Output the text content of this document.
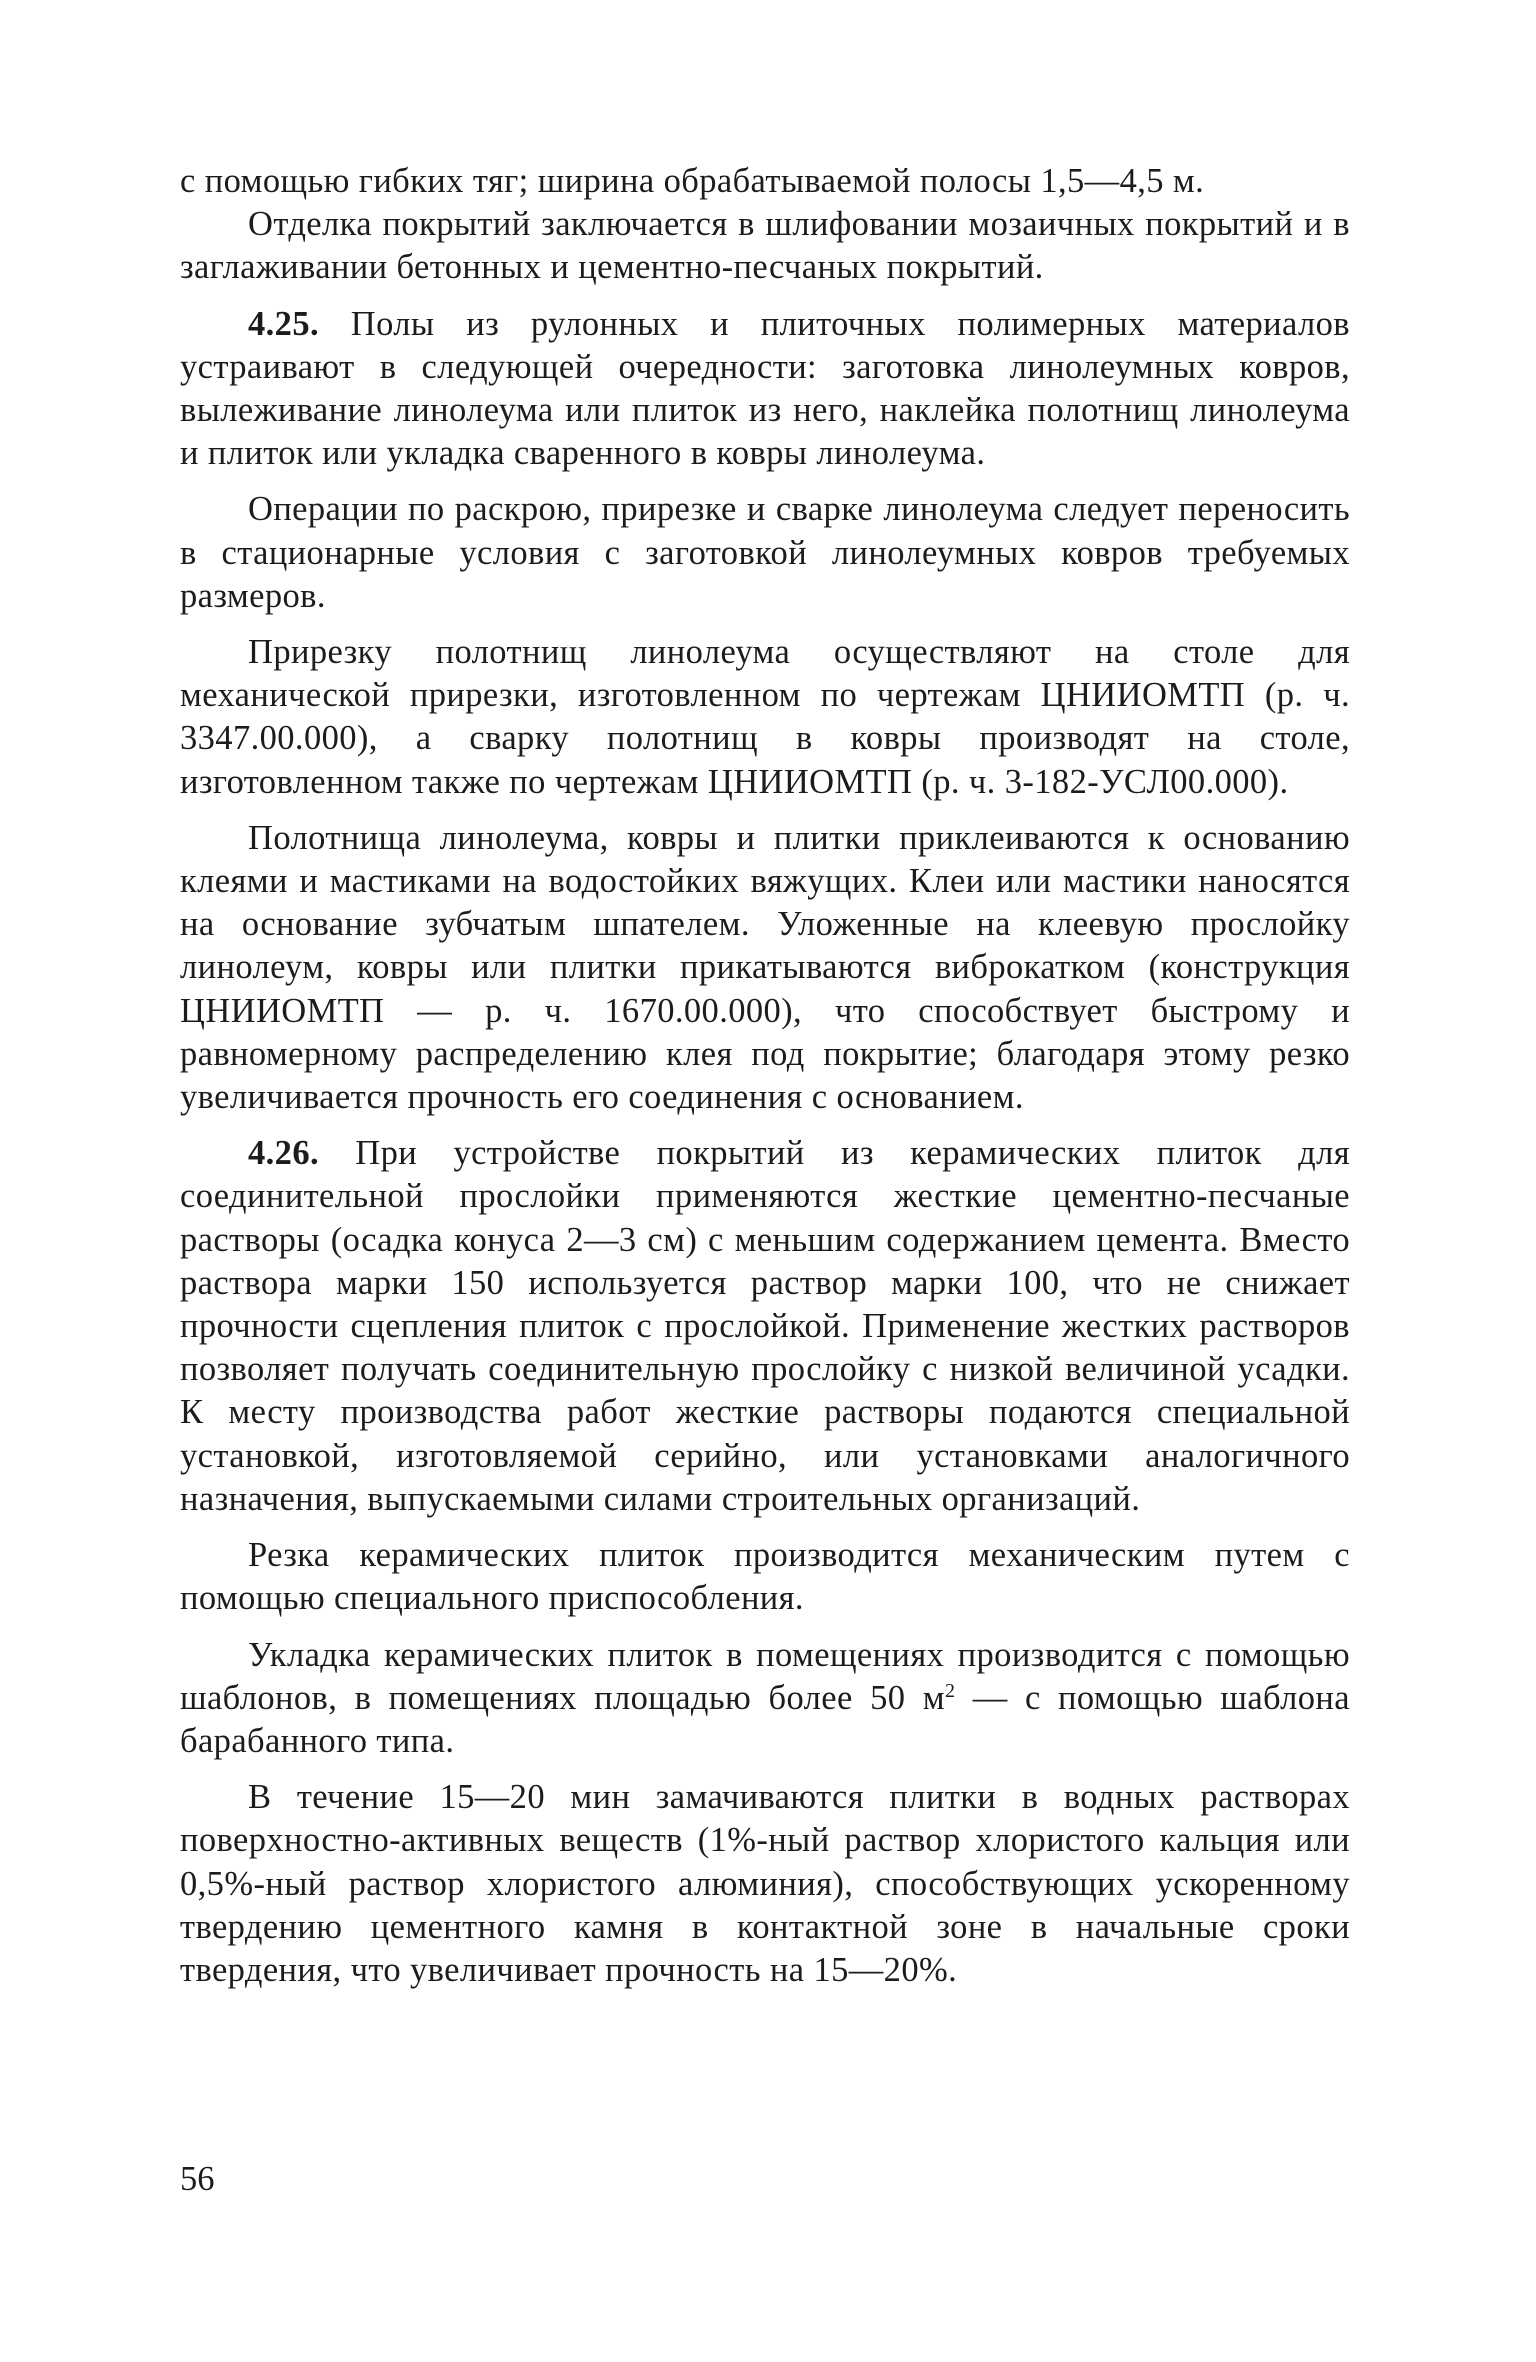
с помощью гибких тяг; ширина обрабатываемой полосы 1,5—4,5 м.

Отделка покрытий заключается в шлифовании мозаичных покрытий и в заглаживании бетонных и цементно-песчаных покрытий.

4.25. Полы из рулонных и плиточных полимерных материалов устраивают в следующей очередности: заготовка линолеумных ковров, вылеживание линолеума или плиток из него, наклейка полотнищ линолеума и плиток или укладка сваренного в ковры линолеума.

Операции по раскрою, прирезке и сварке линолеума следует переносить в стационарные условия с заготовкой линолеумных ковров требуемых размеров.

Прирезку полотнищ линолеума осуществляют на столе для механической прирезки, изготовленном по чертежам ЦНИИОМТП (р. ч. 3347.00.000), а сварку полотнищ в ковры производят на столе, изготовленном также по чертежам ЦНИИОМТП (р. ч. 3-182-УСЛ00.000).

Полотнища линолеума, ковры и плитки приклеиваются к основанию клеями и мастиками на водостойких вяжущих. Клеи или мастики наносятся на основание зубчатым шпателем. Уложенные на клеевую прослойку линолеум, ковры или плитки прикатываются виброкатком (конструкция ЦНИИОМТП — р. ч. 1670.00.000), что способствует быстрому и равномерному распределению клея под покрытие; благодаря этому резко увеличивается прочность его соединения с основанием.

4.26. При устройстве покрытий из керамических плиток для соединительной прослойки применяются жесткие цементно-песчаные растворы (осадка конуса 2—3 см) с меньшим содержанием цемента. Вместо раствора марки 150 используется раствор марки 100, что не снижает прочности сцепления плиток с прослойкой. Применение жестких растворов позволяет получать соединительную прослойку с низкой величиной усадки. К месту производства работ жесткие растворы подаются специальной установкой, изготовляемой серийно, или установками аналогичного назначения, выпускаемыми силами строительных организаций.

Резка керамических плиток производится механическим путем с помощью специального приспособления.

Укладка керамических плиток в помещениях производится с помощью шаблонов, в помещениях площадью более 50 $м^2$ — с помощью шаблона барабанного типа.

В течение 15—20 мин замачиваются плитки в водных растворах поверхностно-активных веществ (1%-ный раствор хлористого кальция или 0,5%-ный раствор хлористого алюминия), способствующих ускоренному твердению цементного камня в контактной зоне в начальные сроки твердения, что увеличивает прочность на 15—20%.

56
